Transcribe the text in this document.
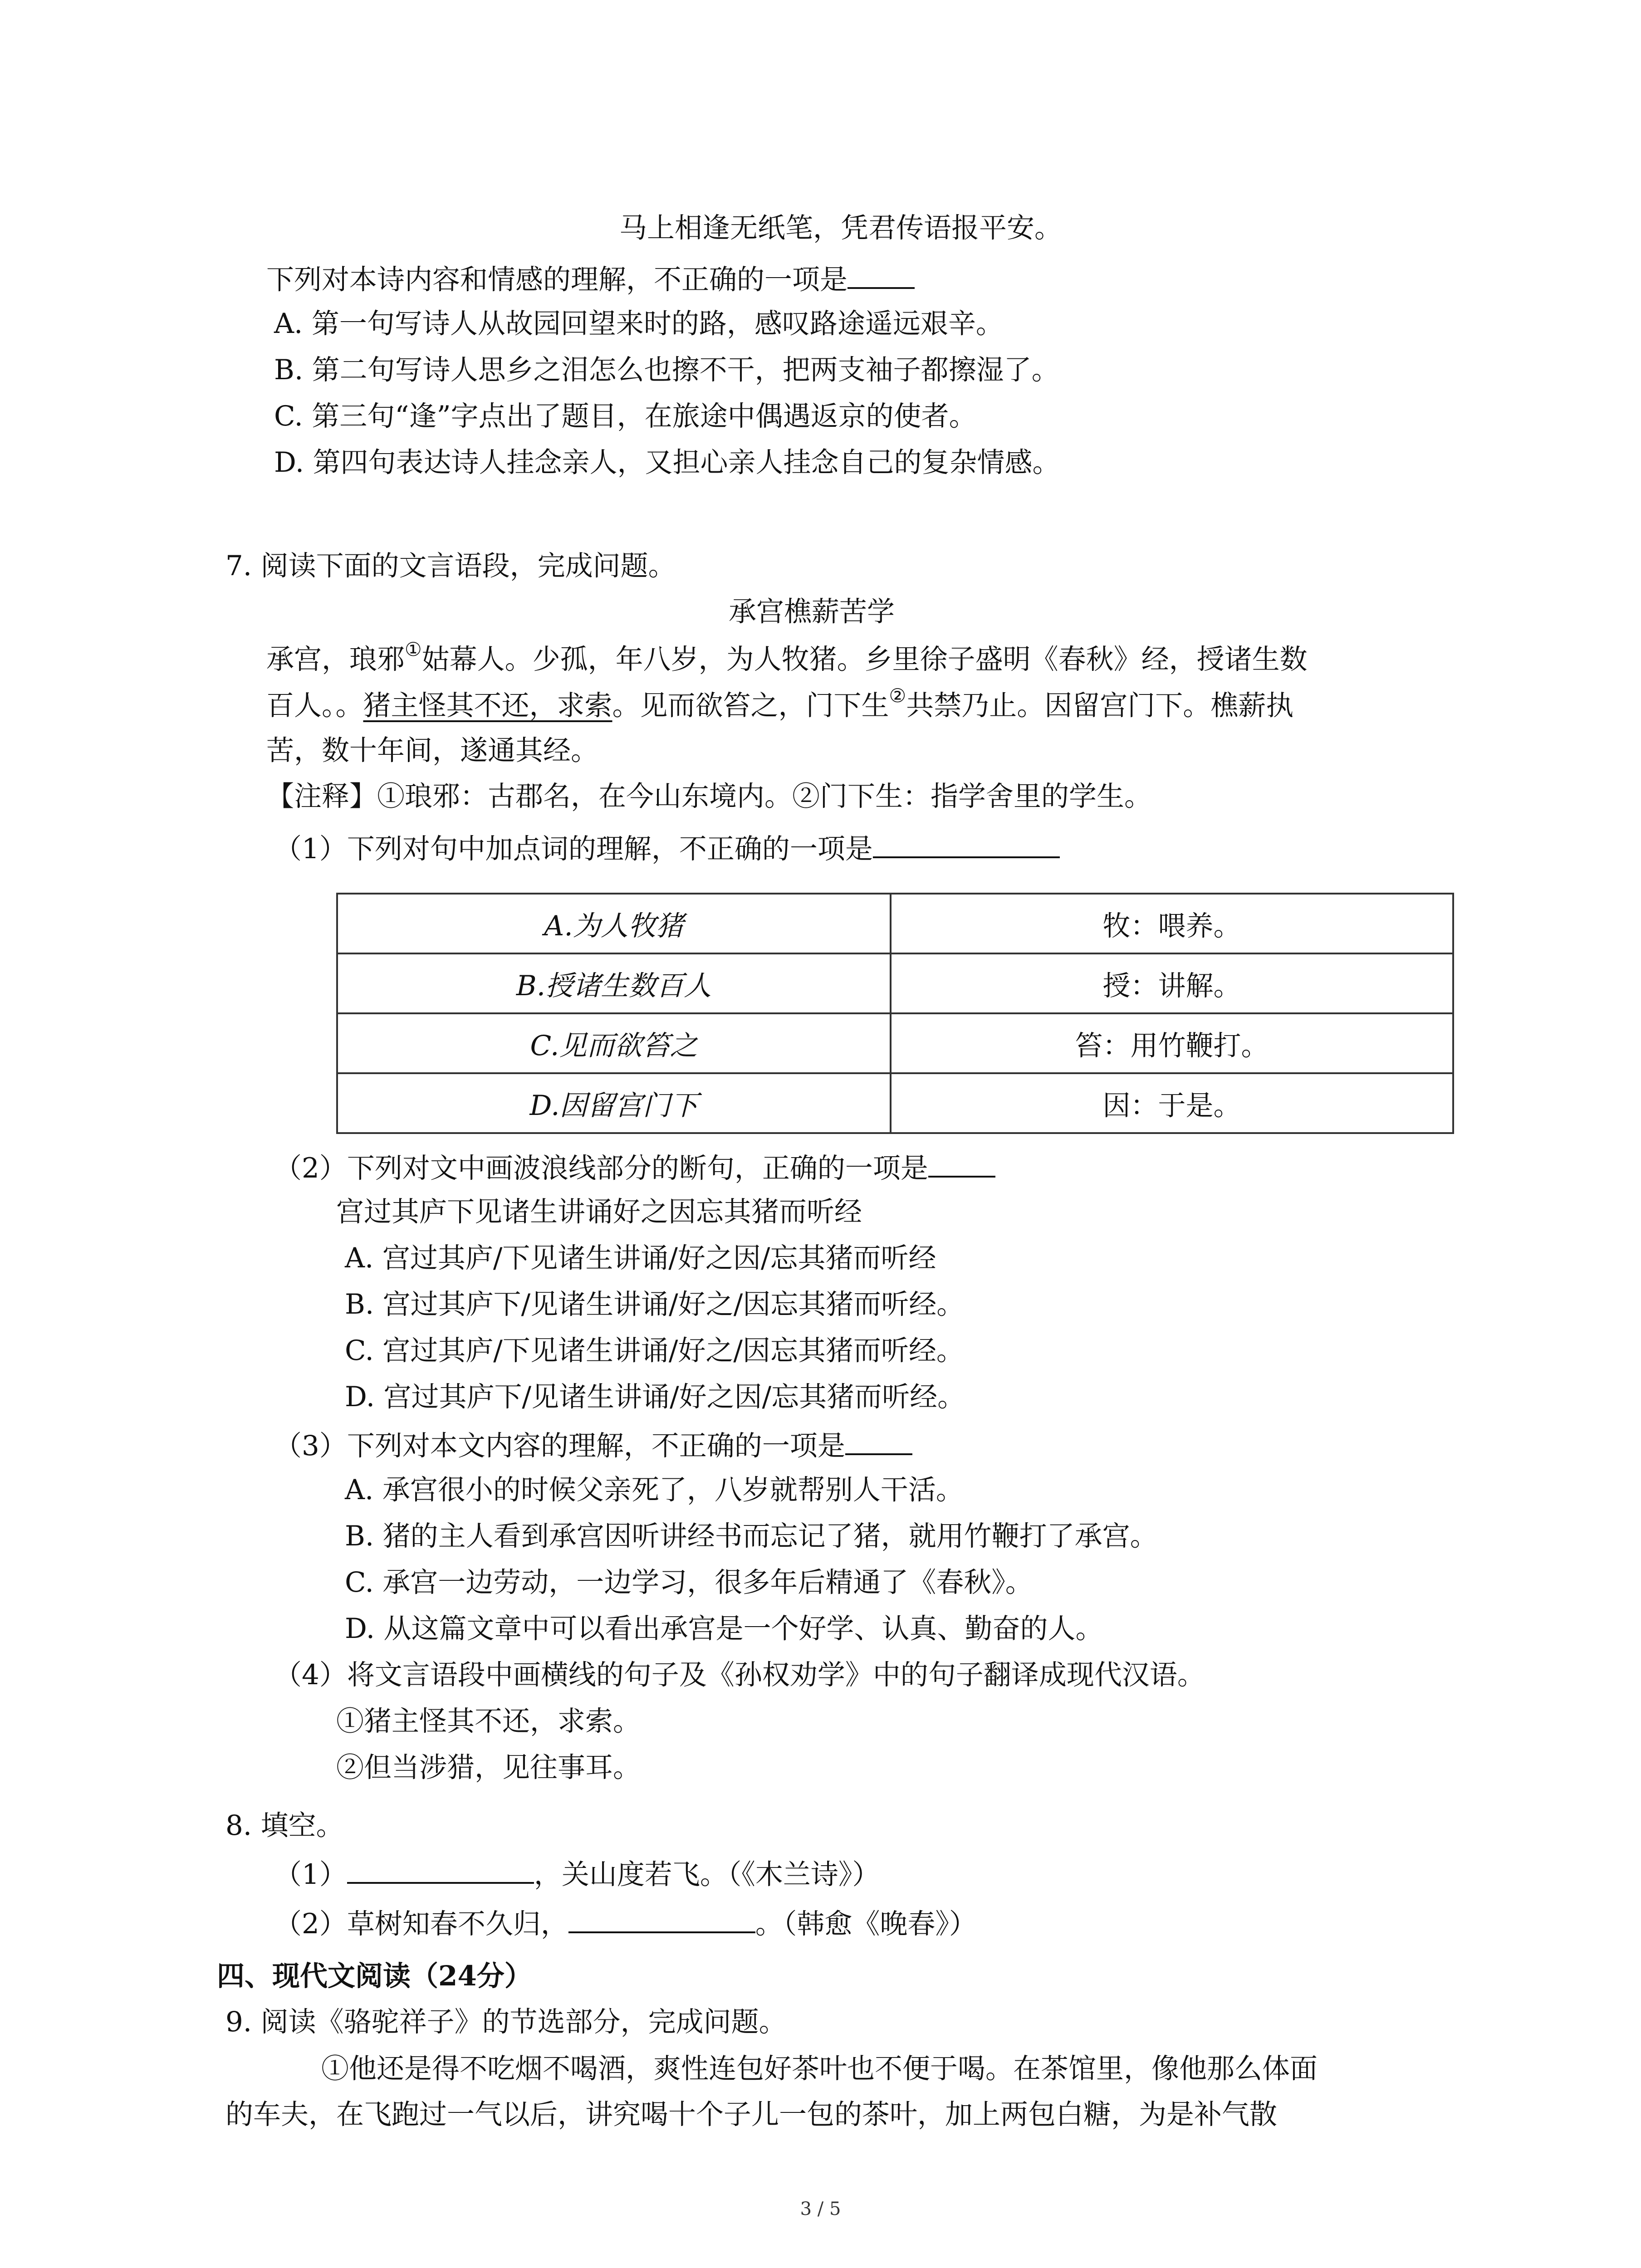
马上相逢无纸笔，凭君传语报平安。
下列对本诗内容和情感的理解，不正确的一项是
A. 第一句写诗人从故园回望来时的路，感叹路途遥远艰辛。
B. 第二句写诗人思乡之泪怎么也擦不干，把两支袖子都擦湿了。
C. 第三句“逢”字点出了题目，在旅途中偶遇返京的使者。
D. 第四句表达诗人挂念亲人，又担心亲人挂念自己的复杂情感。
7. 阅读下面的文言语段，完成问题。
承宫樵薪苦学
承宫，琅邪①姑幕人。少孤，年八岁，为人牧猪。乡里徐子盛明《春秋》经，授诸生数
百人。。猪主怪其不还，求索。见而欲笞之，门下生②共禁乃止。因留宫门下。樵薪执
苦，数十年间，遂通其经。
【注释】①琅邪：古郡名，在今山东境内。②门下生：指学舍里的学生。
（1）下列对句中加点词的理解，不正确的一项是
A.为人牧猪	牧：喂养。
B.授诸生数百人	授：讲解。
C.见而欲笞之	笞：用竹鞭打。
D.因留宫门下	因：于是。
（2）下列对文中画波浪线部分的断句，正确的一项是
宫过其庐下见诸生讲诵好之因忘其猪而听经
A. 宫过其庐/下见诸生讲诵/好之因/忘其猪而听经
B. 宫过其庐下/见诸生讲诵/好之/因忘其猪而听经。
C. 宫过其庐/下见诸生讲诵/好之/因忘其猪而听经。
D. 宫过其庐下/见诸生讲诵/好之因/忘其猪而听经。
（3）下列对本文内容的理解，不正确的一项是
A. 承宫很小的时候父亲死了，八岁就帮别人干活。
B. 猪的主人看到承宫因听讲经书而忘记了猪，就用竹鞭打了承宫。
C. 承宫一边劳动，一边学习，很多年后精通了《春秋》。
D. 从这篇文章中可以看出承宫是一个好学、认真、勤奋的人。
（4）将文言语段中画横线的句子及《孙权劝学》中的句子翻译成现代汉语。
①猪主怪其不还，求索。
②但当涉猎，见往事耳。
8. 填空。
（1）	，关山度若飞。（《木兰诗》）
（2）草树知春不久归，	。（韩愈《晚春》）
四、现代文阅读（24分）
9. 阅读《骆驼祥子》的节选部分，完成问题。
①他还是得不吃烟不喝酒，爽性连包好茶叶也不便于喝。在茶馆里，像他那么体面
的车夫，在飞跑过一气以后，讲究喝十个子儿一包的茶叶，加上两包白糖，为是补气散
3 / 5
